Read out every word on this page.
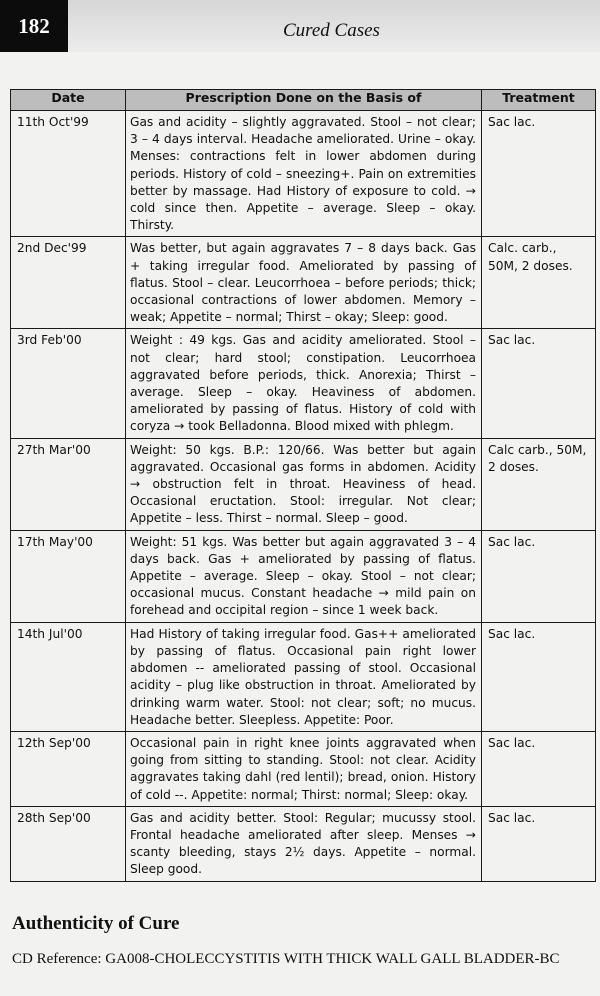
182	Cured Cases
Date	Prescription Done on the Basis of	Treatment
11th Oct'99	Gas and acidity – slightly aggravated. Stool – not clear; 3 – 4 days interval. Headache ameliorated. Urine – okay. Menses: contractions felt in lower abdomen during periods. History of cold – sneezing+. Pain on extremities better by massage. Had History of exposure to cold. → cold since then. Appetite – average. Sleep – okay. Thirsty.	Sac lac.
2nd Dec'99	Was better, but again aggravates 7 – 8 days back. Gas + taking irregular food. Ameliorated by passing of flatus. Stool – clear. Leucorrhoea – before periods; thick; occasional contractions of lower abdomen. Memory – weak; Appetite – normal; Thirst – okay; Sleep: good.	Calc. carb., 50M, 2 doses.
3rd Feb'00	Weight : 49 kgs. Gas and acidity ameliorated. Stool – not clear; hard stool; constipation. Leucorrhoea aggravated before periods, thick. Anorexia; Thirst – average. Sleep – okay. Heaviness of abdomen. ameliorated by passing of flatus. History of cold with coryza → took Belladonna. Blood mixed with phlegm.	Sac lac.
27th Mar'00	Weight: 50 kgs. B.P.: 120/66. Was better but again aggravated. Occasional gas forms in abdomen. Acidity → obstruction felt in throat. Heaviness of head. Occasional eructation. Stool: irregular. Not clear; Appetite – less. Thirst – normal. Sleep – good.	Calc carb., 50M, 2 doses.
17th May'00	Weight: 51 kgs. Was better but again aggravated 3 – 4 days back. Gas + ameliorated by passing of flatus. Appetite – average. Sleep – okay. Stool – not clear; occasional mucus. Constant headache → mild pain on forehead and occipital region – since 1 week back.	Sac lac.
14th Jul'00	Had History of taking irregular food. Gas++ ameliorated by passing of flatus. Occasional pain right lower abdomen -- ameliorated passing of stool. Occasional acidity – plug like obstruction in throat. Ameliorated by drinking warm water. Stool: not clear; soft; no mucus. Headache better. Sleepless. Appetite: Poor.	Sac lac.
12th Sep'00	Occasional pain in right knee joints aggravated when going from sitting to standing. Stool: not clear. Acidity aggravates taking dahl (red lentil); bread, onion. History of cold --. Appetite: normal; Thirst: normal; Sleep: okay.	Sac lac.
28th Sep'00	Gas and acidity better. Stool: Regular; mucussy stool. Frontal headache ameliorated after sleep. Menses → scanty bleeding, stays 2½ days. Appetite – normal. Sleep good.	Sac lac.
Authenticity of Cure
CD Reference: GA008-CHOLECCYSTITIS WITH THICK WALL GALL BLADDER-BC
